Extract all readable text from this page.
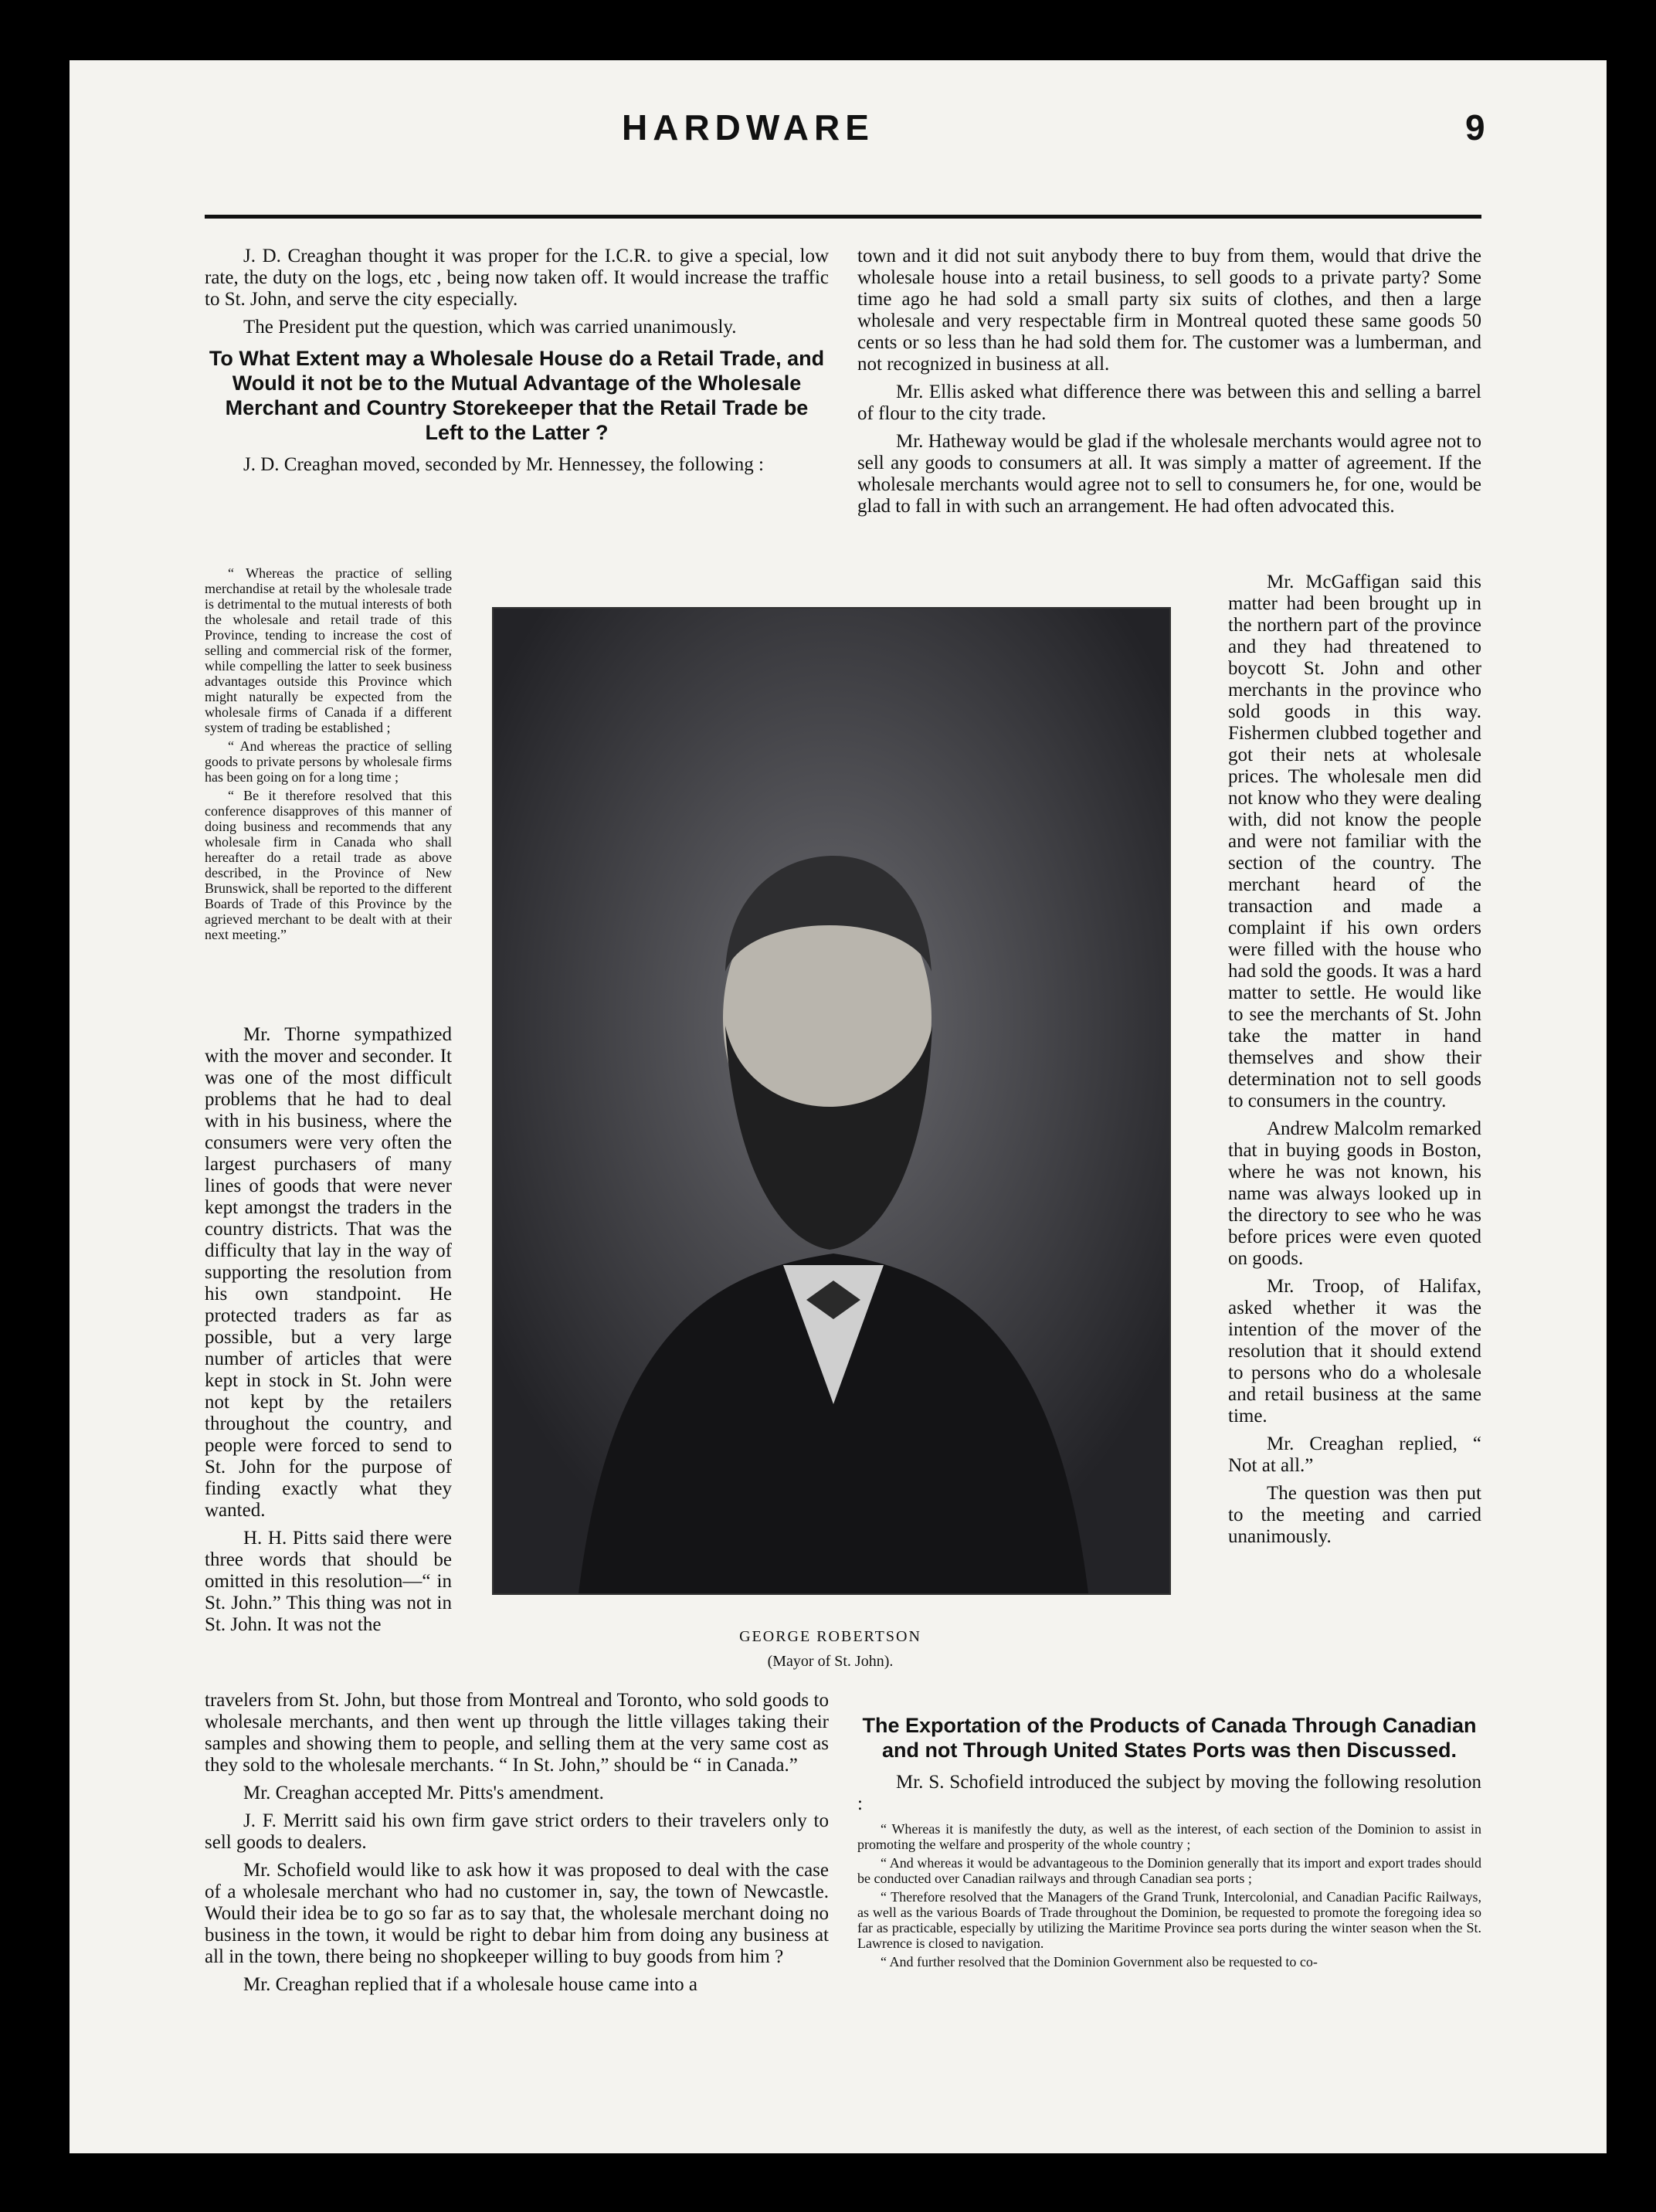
HARDWARE	9

J. D. Creaghan thought it was proper for the I.C.R. to give a special, low rate, the duty on the logs, etc , being now taken off. It would increase the traffic to St. John, and serve the city especially.

The President put the question, which was carried unanimously.

To What Extent may a Wholesale House do a Retail Trade, and Would it not be to the Mutual Advantage of the Wholesale Merchant and Country Storekeeper that the Retail Trade be Left to the Latter ?

J. D. Creaghan moved, seconded by Mr. Hennessey, the following :

“ Whereas the practice of selling merchandise at retail by the wholesale trade is detrimental to the mutual interests of both the wholesale and retail trade of this Province, tending to increase the cost of selling and commercial risk of the former, while compelling the latter to seek business advantages outside this Province which might naturally be expected from the wholesale firms of Canada if a different system of trading be established ;

“ And whereas the practice of selling goods to private persons by wholesale firms has been going on for a long time ;

“ Be it therefore resolved that this conference disapproves of this manner of doing business and recommends that any wholesale firm in Canada who shall hereafter do a retail trade as above described, in the Province of New Brunswick, shall be reported to the different Boards of Trade of this Province by the agrieved merchant to be dealt with at their next meeting.”

Mr. Thorne sympathized with the mover and seconder. It was one of the most difficult problems that he had to deal with in his business, where the consumers were very often the largest purchasers of many lines of goods that were never kept amongst the traders in the country districts. That was the difficulty that lay in the way of supporting the resolution from his own standpoint. He protected traders as far as possible, but a very large number of articles that were kept in stock in St. John were not kept by the retailers throughout the country, and people were forced to send to St. John for the purpose of finding exactly what they wanted.

H. H. Pitts said there were three words that should be omitted in this resolution—“ in St. John.” This thing was not in St. John. It was not the

GEORGE ROBERTSON
(Mayor of St. John).

travelers from St. John, but those from Montreal and Toronto, who sold goods to wholesale merchants, and then went up through the little villages taking their samples and showing them to people, and selling them at the very same cost as they sold to the wholesale merchants. “ In St. John,” should be “ in Canada.”

Mr. Creaghan accepted Mr. Pitts's amendment.

J. F. Merritt said his own firm gave strict orders to their travelers only to sell goods to dealers.

Mr. Schofield would like to ask how it was proposed to deal with the case of a wholesale merchant who had no customer in, say, the town of Newcastle. Would their idea be to go so far as to say that, the wholesale merchant doing no business in the town, it would be right to debar him from doing any business at all in the town, there being no shopkeeper willing to buy goods from him ?

Mr. Creaghan replied that if a wholesale house came into a

town and it did not suit anybody there to buy from them, would that drive the wholesale house into a retail business, to sell goods to a private party? Some time ago he had sold a small party six suits of clothes, and then a large wholesale and very respectable firm in Montreal quoted these same goods 50 cents or so less than he had sold them for. The customer was a lumberman, and not recognized in business at all.

Mr. Ellis asked what difference there was between this and selling a barrel of flour to the city trade.

Mr. Hatheway would be glad if the wholesale merchants would agree not to sell any goods to consumers at all. It was simply a matter of agreement. If the wholesale merchants would agree not to sell to consumers he, for one, would be glad to fall in with such an arrangement. He had often advocated this.

Mr. McGaffigan said this matter had been brought up in the northern part of the province and they had threatened to boycott St. John and other merchants in the province who sold goods in this way. Fishermen clubbed together and got their nets at wholesale prices. The wholesale men did not know who they were dealing with, did not know the people and were not familiar with the section of the country. The merchant heard of the transaction and made a complaint if his own orders were filled with the house who had sold the goods. It was a hard matter to settle. He would like to see the merchants of St. John take the matter in hand themselves and show their determination not to sell goods to consumers in the country.

Andrew Malcolm remarked that in buying goods in Boston, where he was not known, his name was always looked up in the directory to see who he was before prices were even quoted on goods.

Mr. Troop, of Halifax, asked whether it was the intention of the mover of the resolution that it should extend to persons who do a wholesale and retail business at the same time.

Mr. Creaghan replied, “ Not at all.”

The question was then put to the meeting and carried unanimously.

The Exportation of the Products of Canada Through Canadian and not Through United States Ports was then Discussed.

Mr. S. Schofield introduced the subject by moving the following resolution :

“ Whereas it is manifestly the duty, as well as the interest, of each section of the Dominion to assist in promoting the welfare and prosperity of the whole country ;

“ And whereas it would be advantageous to the Dominion generally that its import and export trades should be conducted over Canadian railways and through Canadian sea ports ;

“ Therefore resolved that the Managers of the Grand Trunk, Intercolonial, and Canadian Pacific Railways, as well as the various Boards of Trade throughout the Dominion, be requested to promote the foregoing idea so far as practicable, especially by utilizing the Maritime Province sea ports during the winter season when the St. Lawrence is closed to navigation.

“ And further resolved that the Dominion Government also be requested to co-
